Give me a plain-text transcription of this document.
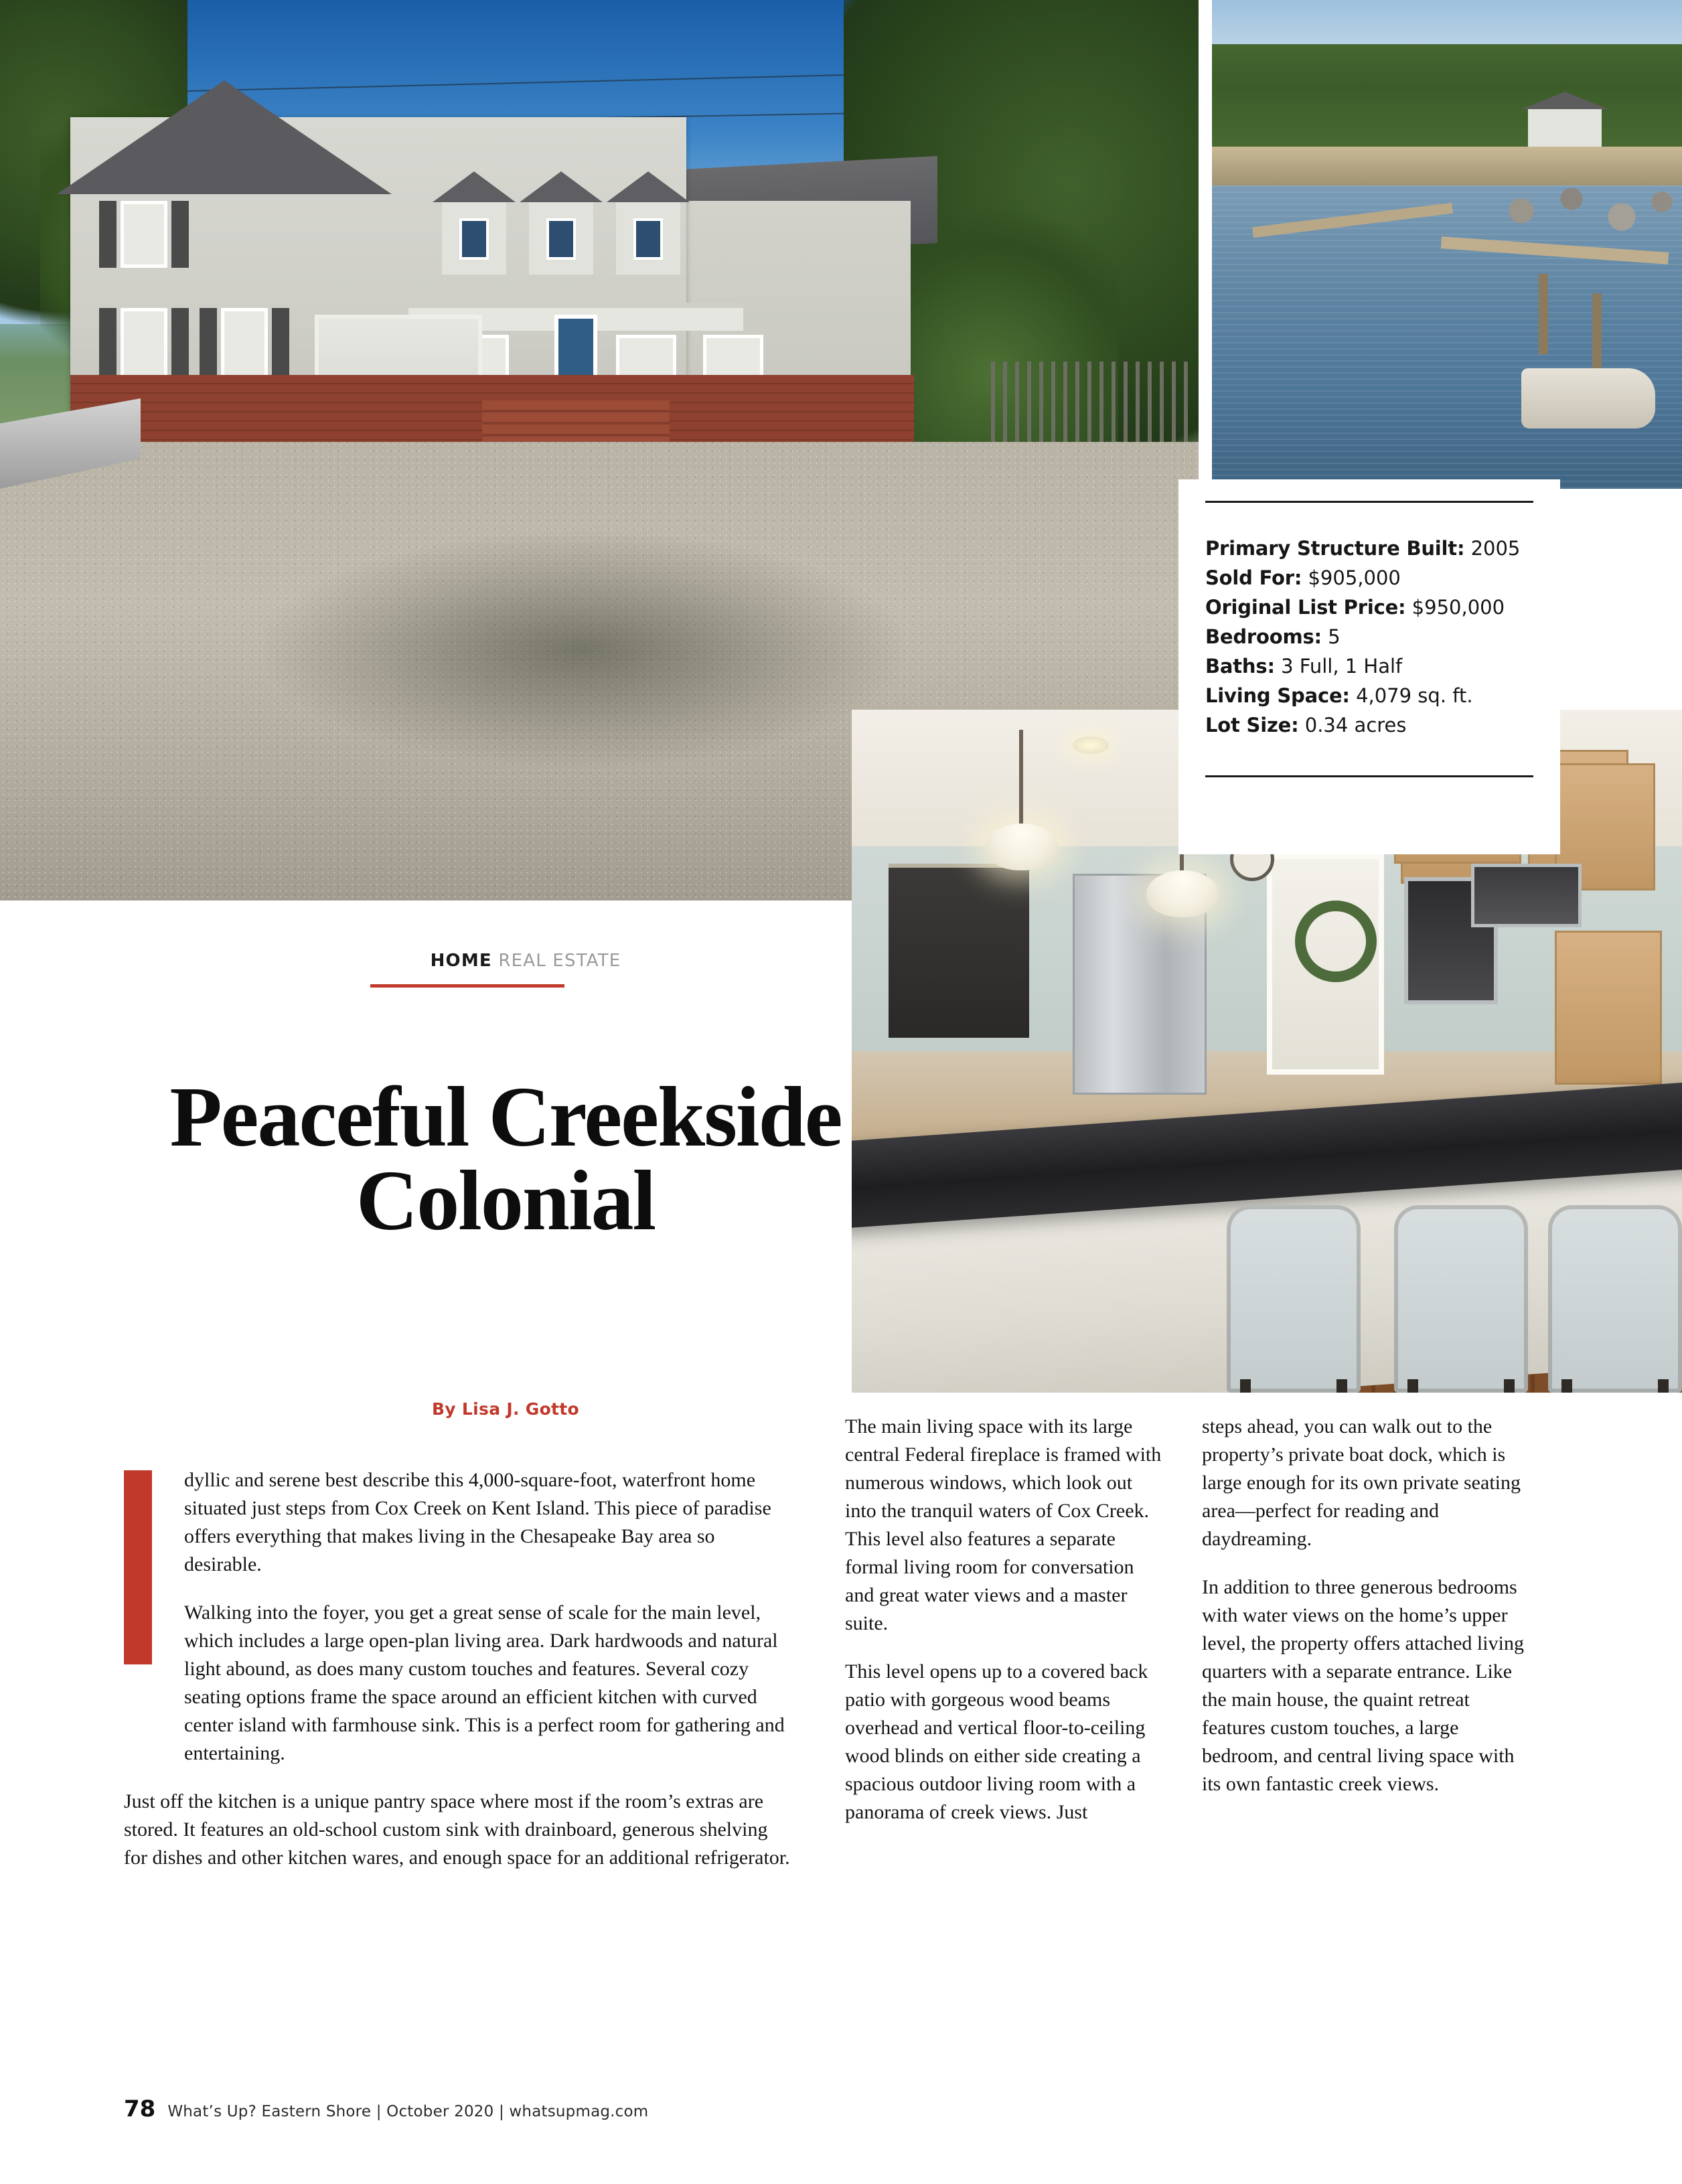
Primary Structure Built: 2005
Sold For: $905,000
Original List Price: $950,000
Bedrooms: 5
Baths: 3 Full, 1 Half
Living Space: 4,079 sq. ft.
Lot Size: 0.34 acres
HOME REAL ESTATE
Peaceful Creekside Colonial
By Lisa J. Gotto

dyllic and serene best describe this 4,000-square-foot, waterfront home situated just steps from Cox Creek on Kent Island. This piece of paradise offers everything that makes living in the Chesapeake Bay area so desirable.

Walking into the foyer, you get a great sense of scale for the main level, which includes a large open-plan living area. Dark hardwoods and natural light abound, as does many custom touches and features. Several cozy seating options frame the space around an efficient kitchen with curved center island with farmhouse sink. This is a perfect room for gathering and entertaining.

Just off the kitchen is a unique pantry space where most if the room’s extras are stored. It features an old-school custom sink with drainboard, generous shelving for dishes and other kitchen wares, and enough space for an additional refrigerator.

The main living space with its large central Federal fireplace is framed with numerous windows, which look out into the tranquil waters of Cox Creek. This level also features a separate formal living room for conversation and great water views and a master suite.

This level opens up to a covered back patio with gorgeous wood beams overhead and vertical floor-to-ceiling wood blinds on either side creating a spacious outdoor living room with a panorama of creek views. Just

steps ahead, you can walk out to the property’s private boat dock, which is large enough for its own private seating area—perfect for reading and daydreaming.

In addition to three generous bedrooms with water views on the home’s upper level, the property offers attached living quarters with a separate entrance. Like the main house, the quaint retreat features custom touches, a large bedroom, and central living space with its own fantastic creek views.

78 What’s Up? Eastern Shore | October 2020 | whatsupmag.com
